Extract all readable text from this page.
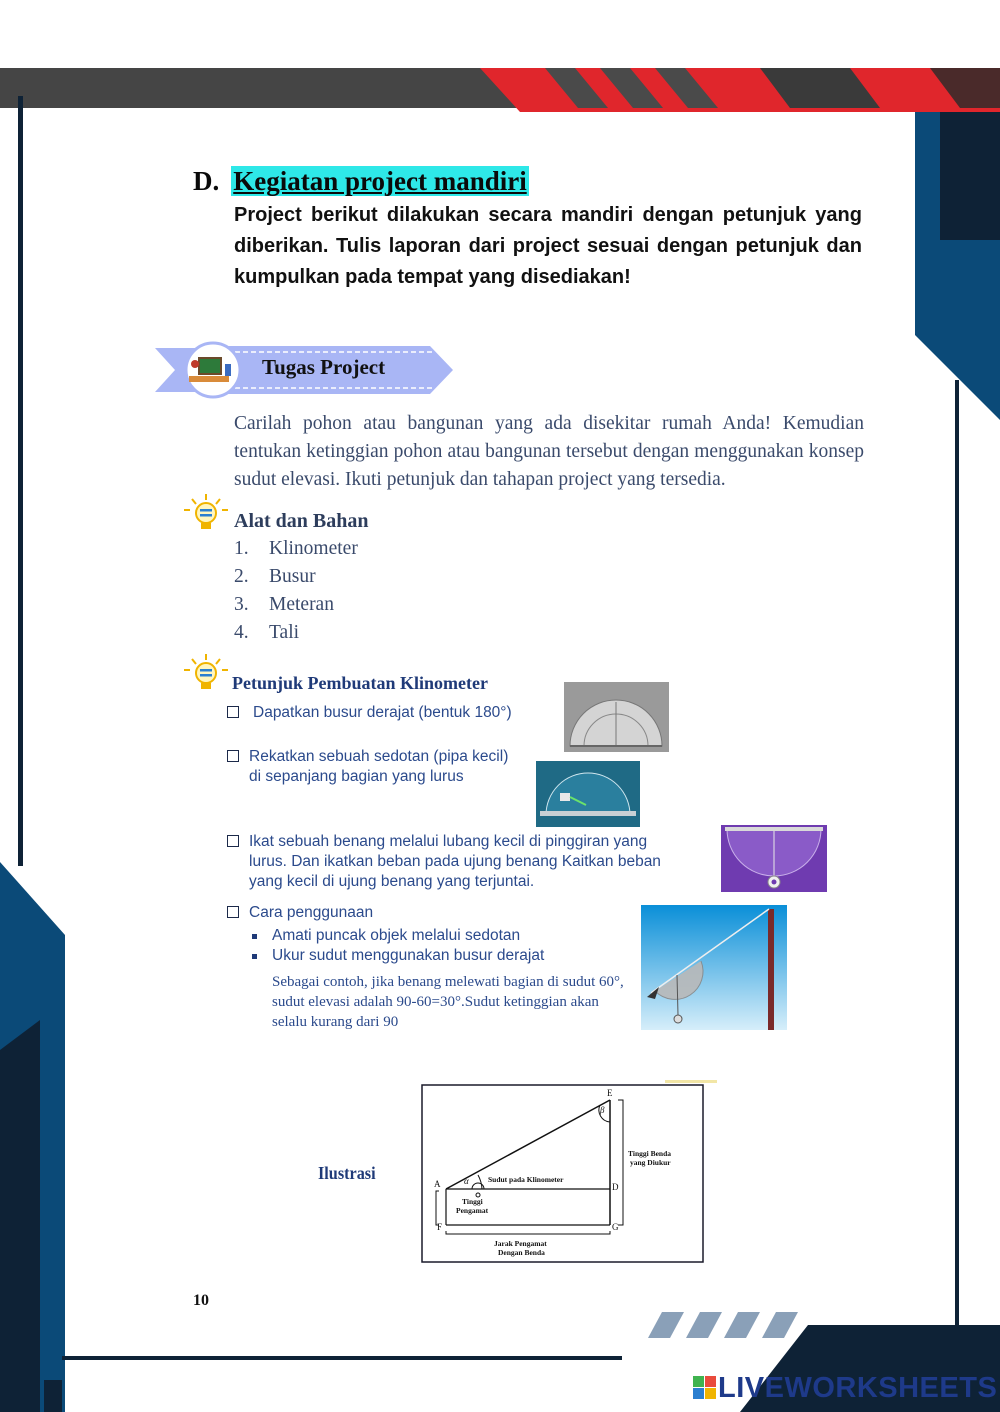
D. Kegiatan project mandiri
Project berikut dilakukan secara mandiri dengan petunjuk yang diberikan. Tulis laporan dari project sesuai dengan petunjuk dan kumpulkan pada tempat yang disediakan!
Tugas Project
Carilah pohon atau bangunan yang ada disekitar rumah Anda! Kemudian tentukan ketinggian pohon atau bangunan tersebut dengan menggunakan konsep sudut elevasi. Ikuti petunjuk dan tahapan project yang tersedia.
Alat dan Bahan
1. Klinometer
2. Busur
3. Meteran
4. Tali
Petunjuk Pembuatan Klinometer
Dapatkan busur derajat (bentuk 180°)
Rekatkan sebuah sedotan (pipa kecil)
di sepanjang bagian yang lurus
Ikat sebuah benang melalui lubang kecil di pinggiran yang
lurus. Dan ikatkan beban pada ujung benang Kaitkan beban
yang kecil di ujung benang yang terjuntai.
Cara penggunaan
Amati puncak objek melalui sedotan
Ukur sudut menggunakan busur derajat
Sebagai contoh, jika benang melewati bagian di sudut 60°, sudut elevasi adalah 90-60=30°.Sudut ketinggian akan selalu kurang dari 90
Ilustrasi
E
A	D
F	G
α
β
Sudut pada Klinometer
Tinggi Benda
yang Diukur
Tinggi
Pengamat
Jarak Pengamat
Dengan Benda
10
LIVE
LIVEWORKSHEETS
